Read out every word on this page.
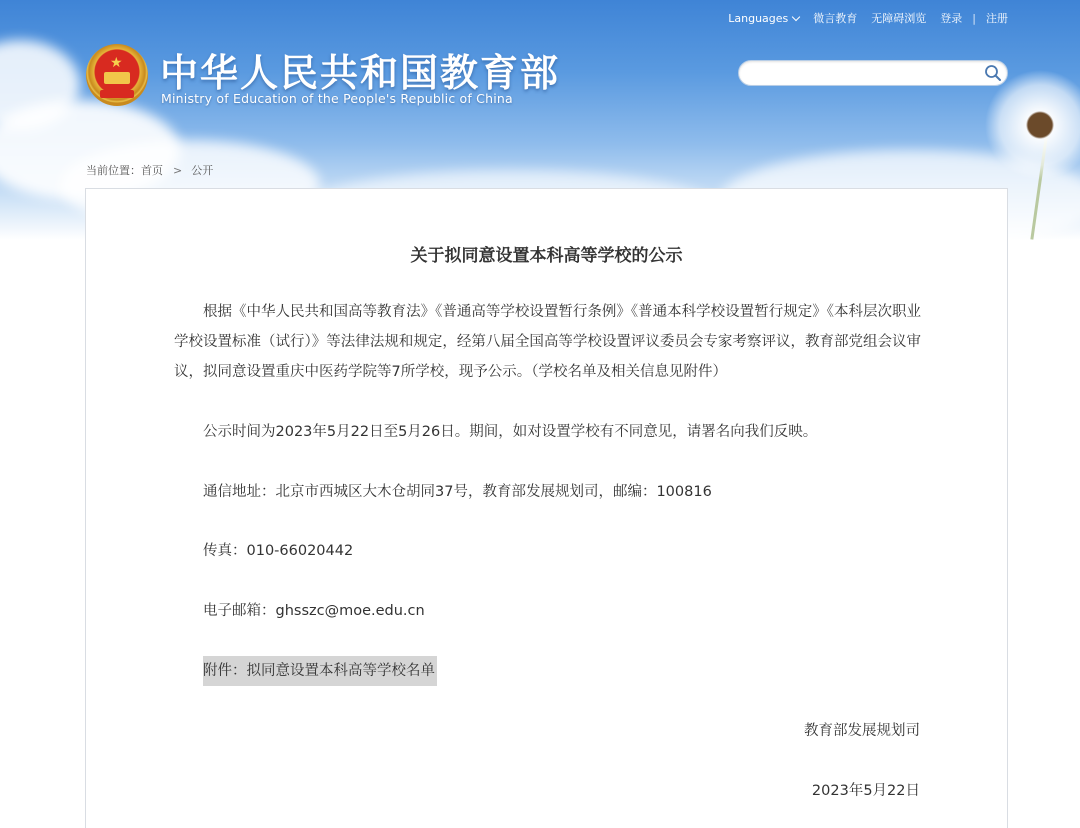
Languages 微言教育 无障碍浏览 登录 | 注册
★ 中华人民共和国教育部
Ministry of Education of the People's Republic of China
当前位置： 首页 > 公开
关于拟同意设置本科高等学校的公示
根据《中华人民共和国高等教育法》《普通高等学校设置暂行条例》《普通本科学校设置暂行规定》《本科层次职业学校设置标准（试行）》等法律法规和规定，经第八届全国高等学校设置评议委员会专家考察评议，教育部党组会议审议，拟同意设置重庆中医药学院等7所学校，现予公示。（学校名单及相关信息见附件）
公示时间为2023年5月22日至5月26日。期间，如对设置学校有不同意见，请署名向我们反映。
通信地址：北京市西城区大木仓胡同37号，教育部发展规划司，邮编：100816
传真：010-66020442
电子邮箱：ghsszc@moe.edu.cn
附件：拟同意设置本科高等学校名单
教育部发展规划司
2023年5月22日
